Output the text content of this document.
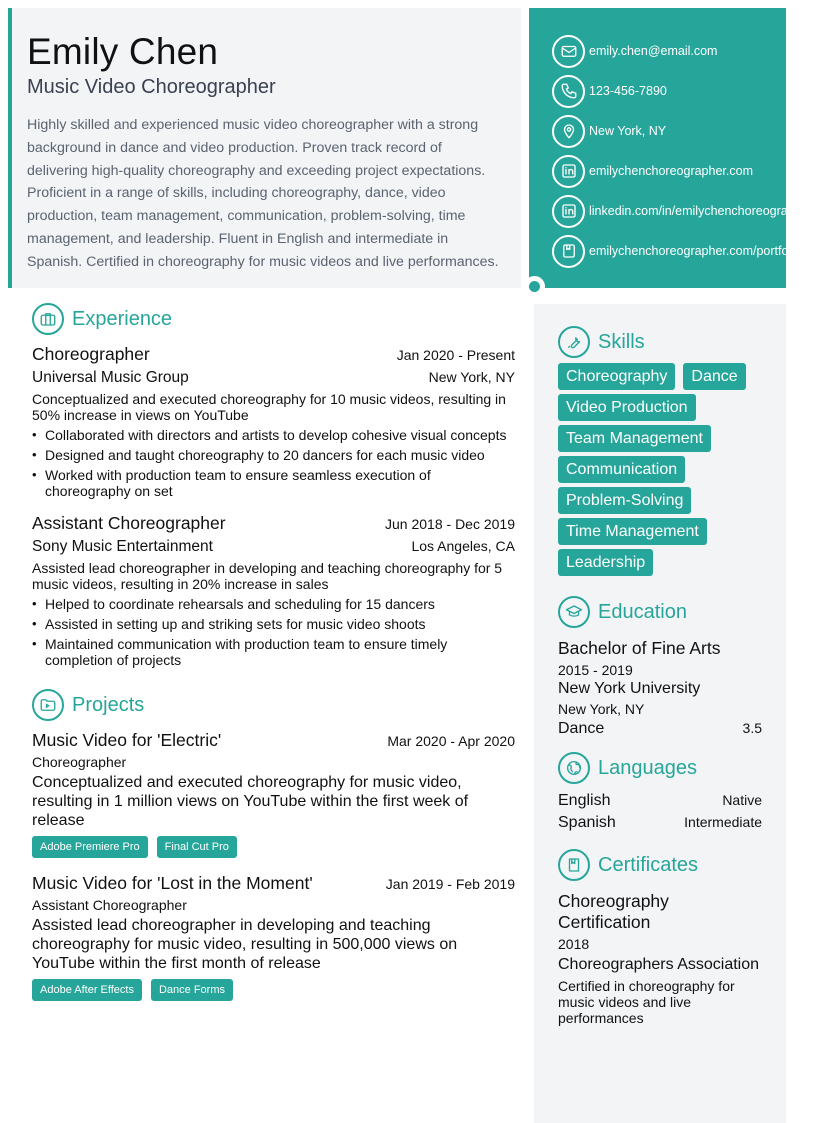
Emily Chen
Music Video Choreographer

Highly skilled and experienced music video choreographer with a strong background in dance and video production. Proven track record of delivering high-quality choreography and exceeding project expectations. Proficient in a range of skills, including choreography, dance, video production, team management, communication, problem-solving, time management, and leadership. Fluent in English and intermediate in Spanish. Certified in choreography for music videos and live performances.

emily.chen@email.com
123-456-7890
New York, NY
emilychenchoreographer.com
linkedin.com/in/emilychenchoreographer
emilychenchoreographer.com/portfolio
Experience
Choreographer	Jan 2020 - Present
Universal Music Group	New York, NY
Conceptualized and executed choreography for 10 music videos, resulting in 50% increase in views on YouTube
• Collaborated with directors and artists to develop cohesive visual concepts
• Designed and taught choreography to 20 dancers for each music video
• Worked with production team to ensure seamless execution of choreography on set
Assistant Choreographer	Jun 2018 - Dec 2019
Sony Music Entertainment	Los Angeles, CA
Assisted lead choreographer in developing and teaching choreography for 5 music videos, resulting in 20% increase in sales
• Helped to coordinate rehearsals and scheduling for 15 dancers
• Assisted in setting up and striking sets for music video shoots
• Maintained communication with production team to ensure timely completion of projects
Projects
Music Video for 'Electric'	Mar 2020 - Apr 2020
Choreographer
Conceptualized and executed choreography for music video, resulting in 1 million views on YouTube within the first week of release
Adobe Premiere Pro	Final Cut Pro
Music Video for 'Lost in the Moment'	Jan 2019 - Feb 2019
Assistant Choreographer
Assisted lead choreographer in developing and teaching choreography for music video, resulting in 500,000 views on YouTube within the first month of release
Adobe After Effects	Dance Forms
Skills
Choreography	Dance
Video Production
Team Management
Communication
Problem-Solving
Time Management
Leadership
Education
Bachelor of Fine Arts
2015 - 2019
New York University
New York, NY
Dance	3.5
Languages
English	Native
Spanish	Intermediate
Certificates
Choreography Certification
2018
Choreographers Association
Certified in choreography for music videos and live performances
